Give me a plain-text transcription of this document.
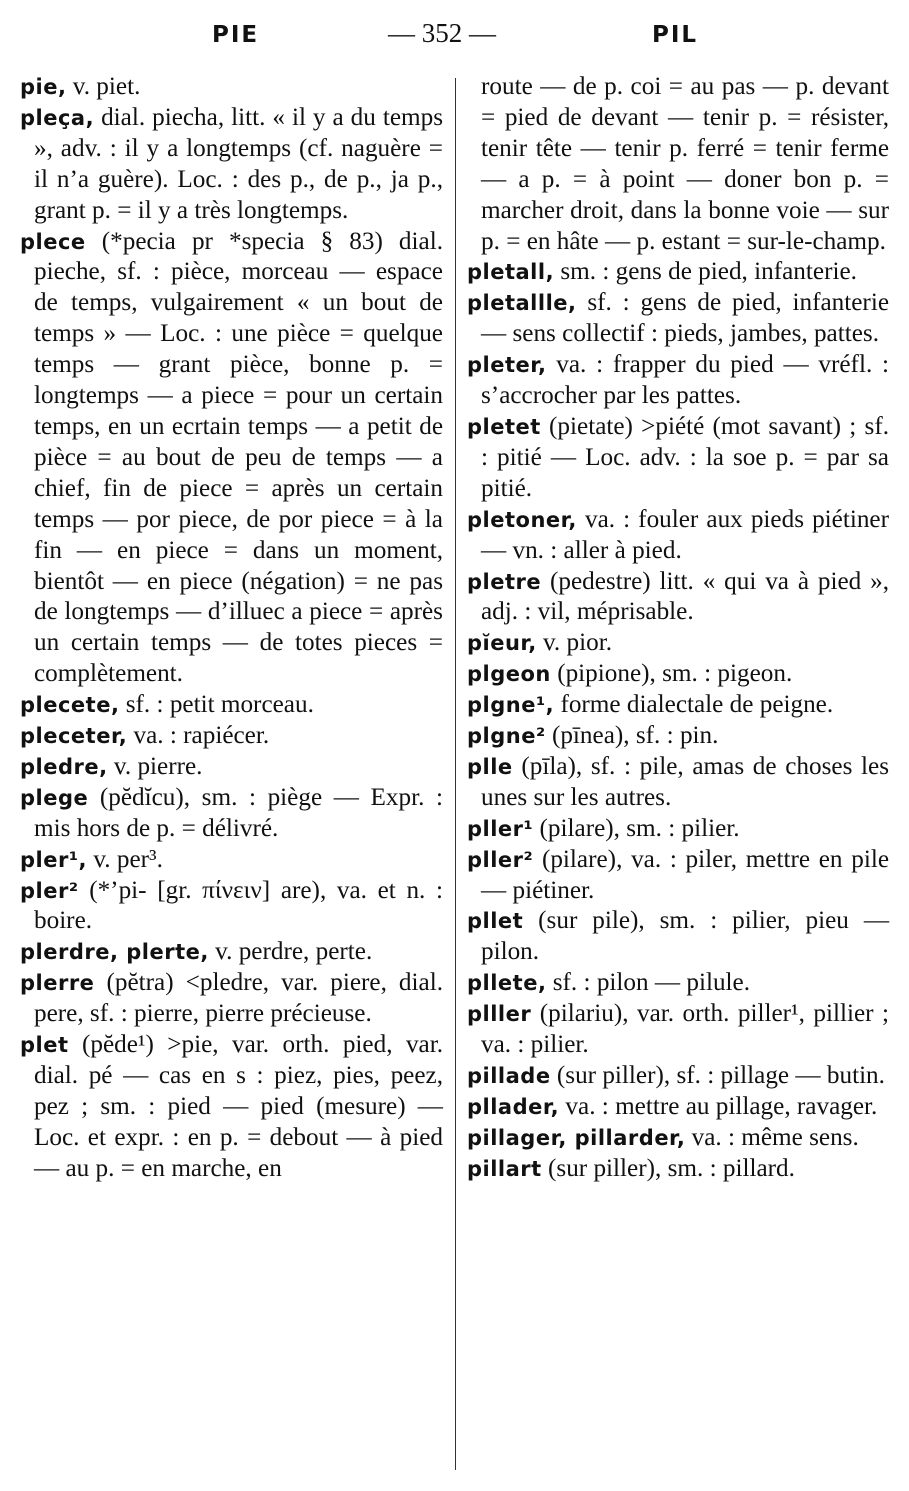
PIE	— 352 —	PIL

pie, v. piet.

pleça, dial. piecha, litt. « il y a du temps », adv. : il y a longtemps (cf. naguère = il n’a guère). Loc. : des p., de p., ja p., grant p. = il y a très longtemps.

plece (*pecia pr *specia § 83) dial. pieche, sf. : pièce, morceau — espace de temps, vulgairement « un bout de temps » — Loc. : une pièce = quelque temps — grant pièce, bonne p. = longtemps — a piece = pour un certain temps, en un ecrtain temps — a petit de pièce = au bout de peu de temps — a chief, fin de piece = après un certain temps — por piece, de por piece = à la fin — en piece = dans un moment, bientôt — en piece (négation) = ne pas de longtemps — d’illuec a piece = après un certain temps — de totes pieces = complètement.

plecete, sf. : petit morceau.

pleceter, va. : rapiécer.

pledre, v. pierre.

plege (pĕdĭcu), sm. : piège — Expr. : mis hors de p. = délivré.

pler¹, v. per³.

pler² (*’pi- [gr. πίνειν] are), va. et n. : boire.

plerdre, plerte, v. perdre, perte.

plerre (pĕtra) <pledre, var. piere, dial. pere, sf. : pierre, pierre précieuse.

plet (pĕde¹) >pie, var. orth. pied, var. dial. pé — cas en s : piez, pies, peez, pez ; sm. : pied — pied (mesure) — Loc. et expr. : en p. = debout — à pied — au p. = en marche, en

route — de p. coi = au pas — p. devant = pied de devant — tenir p. = résister, tenir tête — tenir p. ferré = tenir ferme — a p. = à point — doner bon p. = marcher droit, dans la bonne voie — sur p. = en hâte — p. estant = sur-le-champ.

pletall, sm. : gens de pied, infanterie.

pletallle, sf. : gens de pied, infanterie — sens collectif : pieds, jambes, pattes.

pleter, va. : frapper du pied — vréfl. : s’accrocher par les pattes.

pletet (pietate) >piété (mot savant) ; sf. : pitié — Loc. adv. : la soe p. = par sa pitié.

pletoner, va. : fouler aux pieds piétiner — vn. : aller à pied.

pletre (pedestre) litt. « qui va à pied », adj. : vil, méprisable.

pĭeur, v. pior.

plgeon (pipione), sm. : pigeon.

plgne¹, forme dialectale de peigne.

plgne² (pīnea), sf. : pin.

plle (pīla), sf. : pile, amas de choses les unes sur les autres.

pller¹ (pilare), sm. : pilier.

pller² (pilare), va. : piler, mettre en pile — piétiner.

pllet (sur pile), sm. : pilier, pieu — pilon.

pllete, sf. : pilon — pilule.

plller (pilariu), var. orth. piller¹, pillier ; va. : pilier.

pillade (sur piller), sf. : pillage — butin.

pllader, va. : mettre au pillage, ravager.

pillager, pillarder, va. : même sens.

pillart (sur piller), sm. : pillard.
